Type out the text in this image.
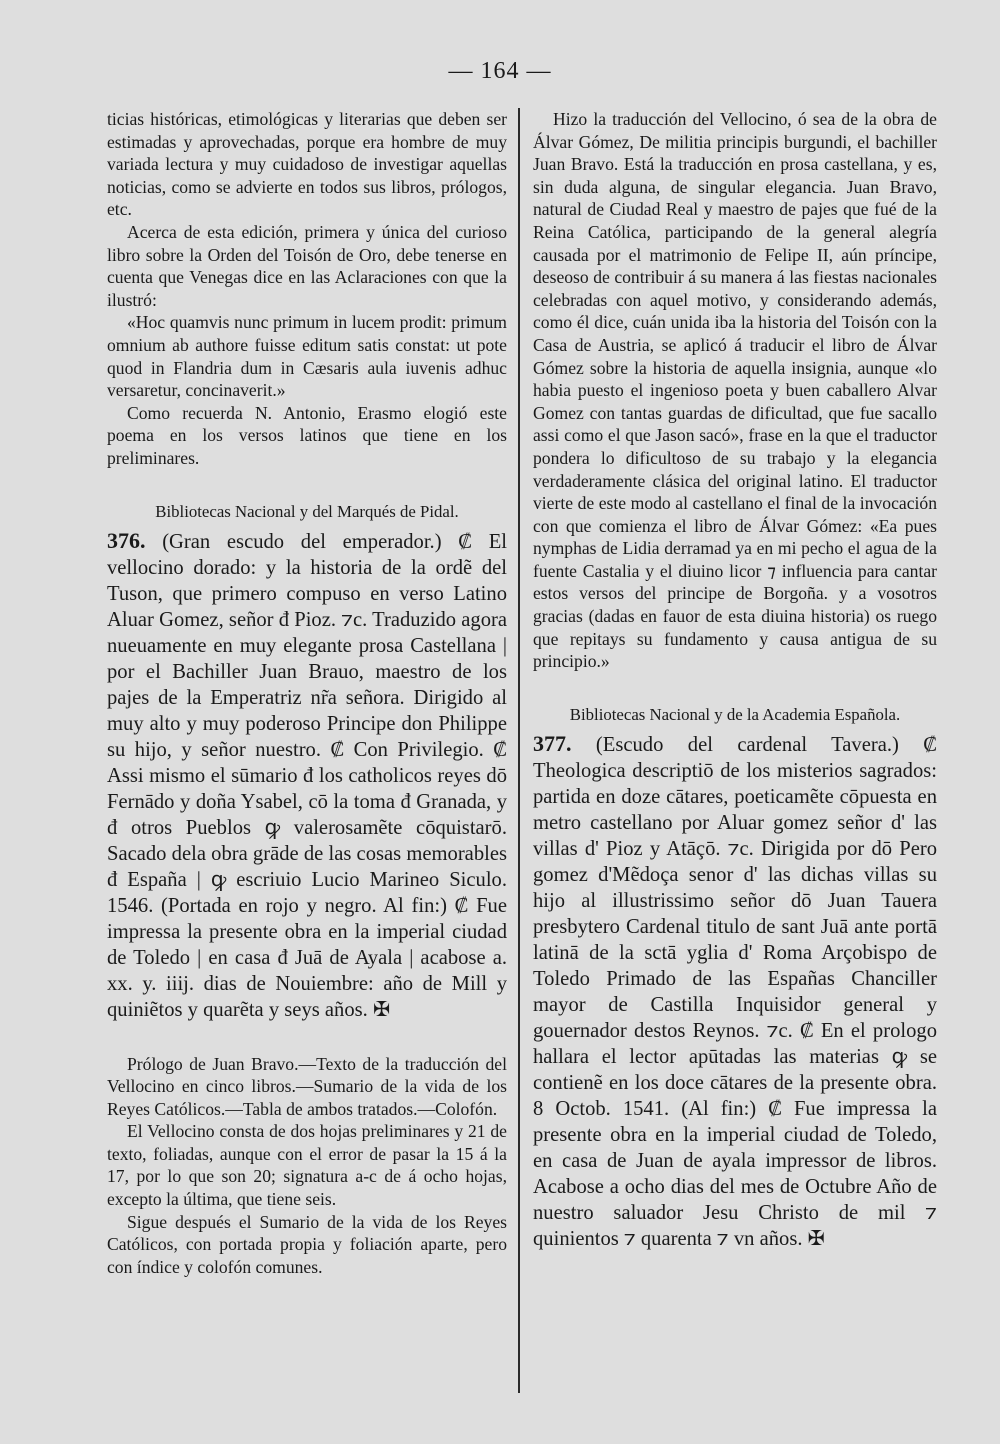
— 164 —

ticias históricas, etimológicas y literarias que deben ser estimadas y aprovechadas, porque era hombre de muy variada lectura y muy cuidadoso de investigar aquellas noticias, como se advierte en todos sus libros, prólogos, etc.

Acerca de esta edición, primera y única del curioso libro sobre la Orden del Toisón de Oro, debe tenerse en cuenta que Venegas dice en las Aclaraciones con que la ilustró:

«Hoc quamvis nunc primum in lucem prodit: primum omnium ab authore fuisse editum satis constat: ut pote quod in Flandria dum in Cæsaris aula iuvenis adhuc versaretur, concinaverit.»

Como recuerda N. Antonio, Erasmo elogió este poema en los versos latinos que tiene en los preliminares.

Bibliotecas Nacional y del Marqués de Pidal.

376. (Gran escudo del emperador.) ₡ El vellocino dorado: y la historia de la ordẽ del Tuson, que primero compuso en verso Latino Aluar Gomez, señor đ Pioz. ⁊c. Traduzido agora nueuamente en muy elegante prosa Castellana | por el Bachiller Juan Brauo, maestro de los pajes de la Emperatriz nr̃a señora. Dirigido al muy alto y muy poderoso Principe don Philippe su hijo, y señor nuestro. ₡ Con Privilegio. ₡ Assi mismo el sūmario đ los catholicos reyes dō Fernādo y doña Ysabel, cō la toma đ Granada, y đ otros Pueblos ꝙ valerosamẽte cōquistarō. Sacado dela obra grāde de las cosas memorables đ España | ꝙ escriuio Lucio Marineo Siculo. 1546. (Portada en rojo y negro. Al fin:) ₡ Fue impressa la presente obra en la imperial ciudad de Toledo | en casa đ Juā de Ayala | acabose a. xx. y. iiij. dias de Nouiembre: año de Mill y quiniẽtos y quarẽta y seys años. ✠

Prólogo de Juan Bravo.—Texto de la traducción del Vellocino en cinco libros.—Sumario de la vida de los Reyes Católicos.—Tabla de ambos tratados.—Colofón.

El Vellocino consta de dos hojas preliminares y 21 de texto, foliadas, aunque con el error de pasar la 15 á la 17, por lo que son 20; signatura a-c de á ocho hojas, excepto la última, que tiene seis.

Sigue después el Sumario de la vida de los Reyes Católicos, con portada propia y foliación aparte, pero con índice y colofón comunes.

Hizo la traducción del Vellocino, ó sea de la obra de Álvar Gómez, De militia principis burgundi, el bachiller Juan Bravo. Está la traducción en prosa castellana, y es, sin duda alguna, de singular elegancia. Juan Bravo, natural de Ciudad Real y maestro de pajes que fué de la Reina Católica, participando de la general alegría causada por el matrimonio de Felipe II, aún príncipe, deseoso de contribuir á su manera á las fiestas nacionales celebradas con aquel motivo, y considerando además, como él dice, cuán unida iba la historia del Toisón con la Casa de Austria, se aplicó á traducir el libro de Álvar Gómez sobre la historia de aquella insignia, aunque «lo habia puesto el ingenioso poeta y buen caballero Alvar Gomez con tantas guardas de dificultad, que fue sacallo assi como el que Jason sacó», frase en la que el traductor pondera lo dificultoso de su trabajo y la elegancia verdaderamente clásica del original latino. El traductor vierte de este modo al castellano el final de la invocación con que comienza el libro de Álvar Gómez: «Ea pues nymphas de Lidia derramad ya en mi pecho el agua de la fuente Castalia y el diuino licor ⁊ influencia para cantar estos versos del principe de Borgoña. y a vosotros gracias (dadas en fauor de esta diuina historia) os ruego que repitays su fundamento y causa antigua de su principio.»

Bibliotecas Nacional y de la Academia Española.

377. (Escudo del cardenal Tavera.) ₡ Theologica descriptiō de los misterios sagrados: partida en doze cātares, poeticamẽte cōpuesta en metro castellano por Aluar gomez señor d' las villas d' Pioz y Atāçō. ⁊c. Dirigida por dō Pero gomez d'Mẽdoça senor d' las dichas villas su hijo al illustrissimo señor dō Juan Tauera presbytero Cardenal titulo de sant Juā ante portā latinā de la sctā yglia d' Roma Arçobispo de Toledo Primado de las Españas Chanciller mayor de Castilla Inquisidor general y gouernador destos Reynos. ⁊c. ₡ En el prologo hallara el lector apūtadas las materias ꝙ se contienẽ en los doce cātares de la presente obra. 8 Octob. 1541. (Al fin:) ₡ Fue impressa la presente obra en la imperial ciudad de Toledo, en casa de Juan de ayala impressor de libros. Acabose a ocho dias del mes de Octubre Año de nuestro saluador Jesu Christo de mil ⁊ quinientos ⁊ quarenta ⁊ vn años. ✠
